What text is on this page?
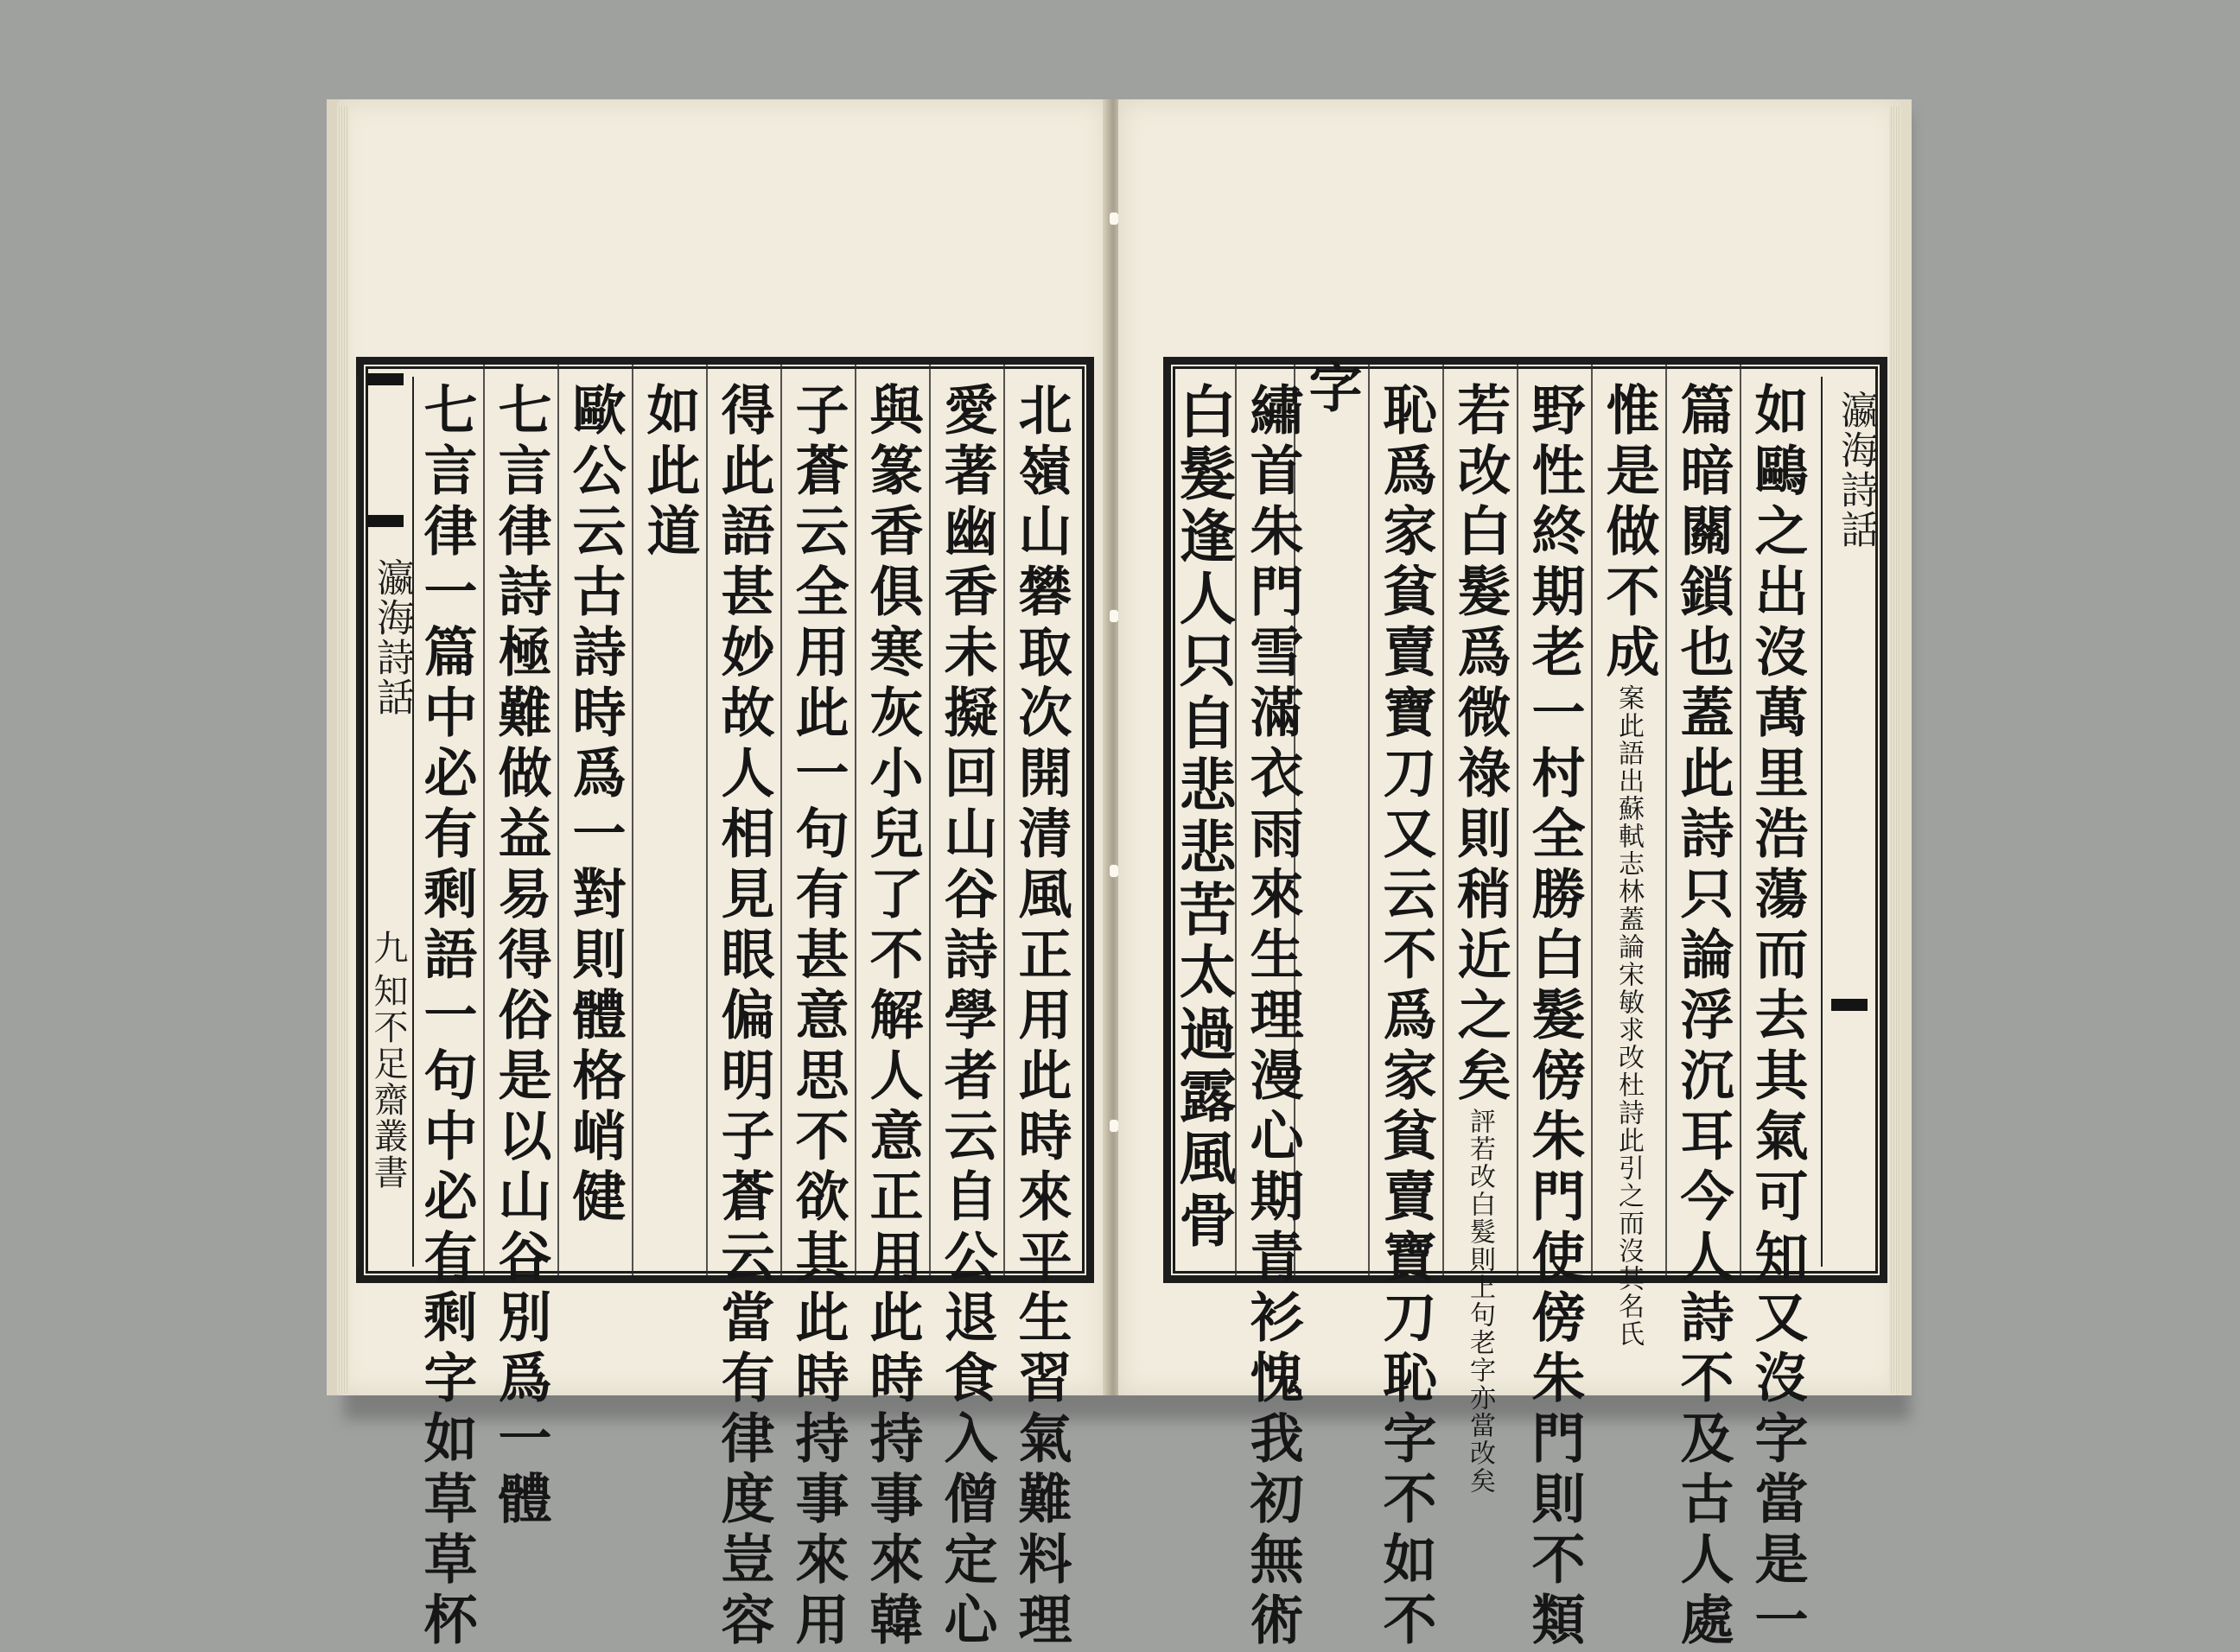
北嶺山礬取次開清風正用此時來平生習氣難料理
愛著幽香未擬回山谷詩學者云自公退食入僧定心
與篆香俱寒灰小兒了不解人意正用此時持事來韓
子蒼云全用此一句有甚意思不欲其此時持事來用
得此語甚妙故人相見眼偏明子蒼云當有律度豈容
如此道
歐公云古詩時爲一對則體格峭健
七言律詩極難做益易得俗是以山谷別爲一體
七言律一篇中必有剩語一句中必有剩字如草草杯
瀛海詩話
九
知不足齋叢書
瀛海詩話
如鷗之出沒萬里浩蕩而去其氣可知又沒字當是一
篇暗關鎖也蓋此詩只論浮沉耳今人詩不及古人處
惟是做不成案此語出蘇軾志林蓋論宋敏求改杜詩此引之而沒其名氏
野性終期老一村全勝白髮傍朱門使傍朱門則不類
若改白髮爲微祿則稍近之矣評若改白髮則上句老字亦當改矣
恥爲家貧賣寶刀又云不爲家貧賣寶刀恥字不如不
字
繡首朱門雪滿衣雨來生理漫心期青衫愧我初無術
白髮逢人只自悲悲苦太過露風骨
